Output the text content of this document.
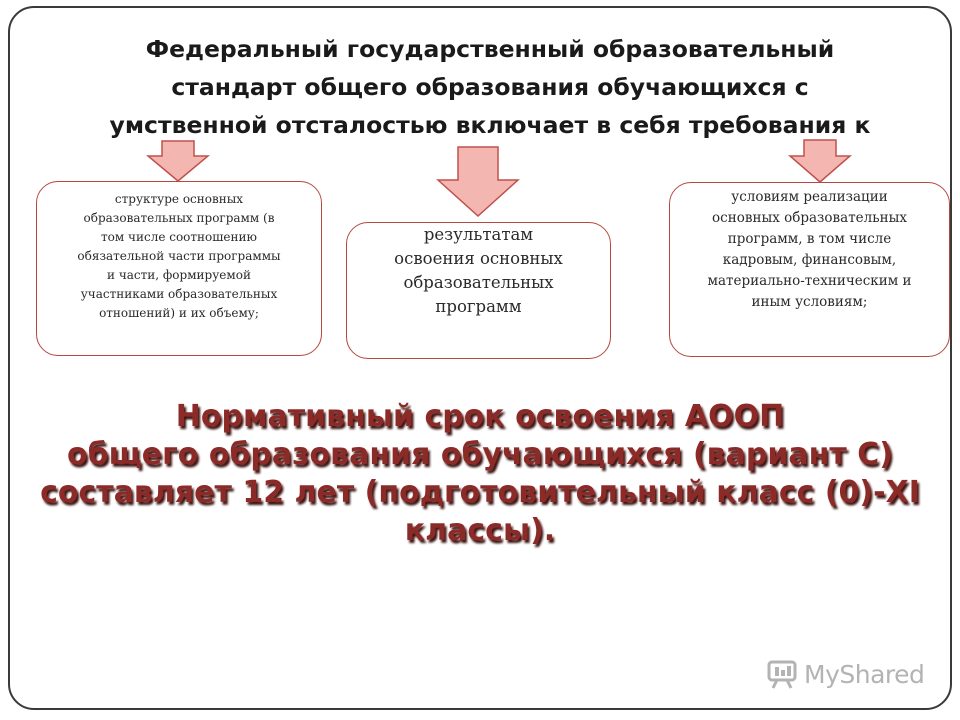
Федеральный государственный образовательный
стандарт общего образования обучающихся с
умственной отсталостью включает в себя требования к
структуре основных
образовательных программ (в
том числе соотношению
обязательной части программы
и части, формируемой
участниками образовательных
отношений) и их объему;
результатам
освоения основных
образовательных
программ
условиям реализации
основных образовательных
программ, в том числе
кадровым, финансовым,
материально-техническим и
иным условиям;

Нормативный срок освоения АООП
общего образования обучающихся (вариант С)
составляет 12 лет (подготовительный класс (0)-XI
классы).

MyShared
